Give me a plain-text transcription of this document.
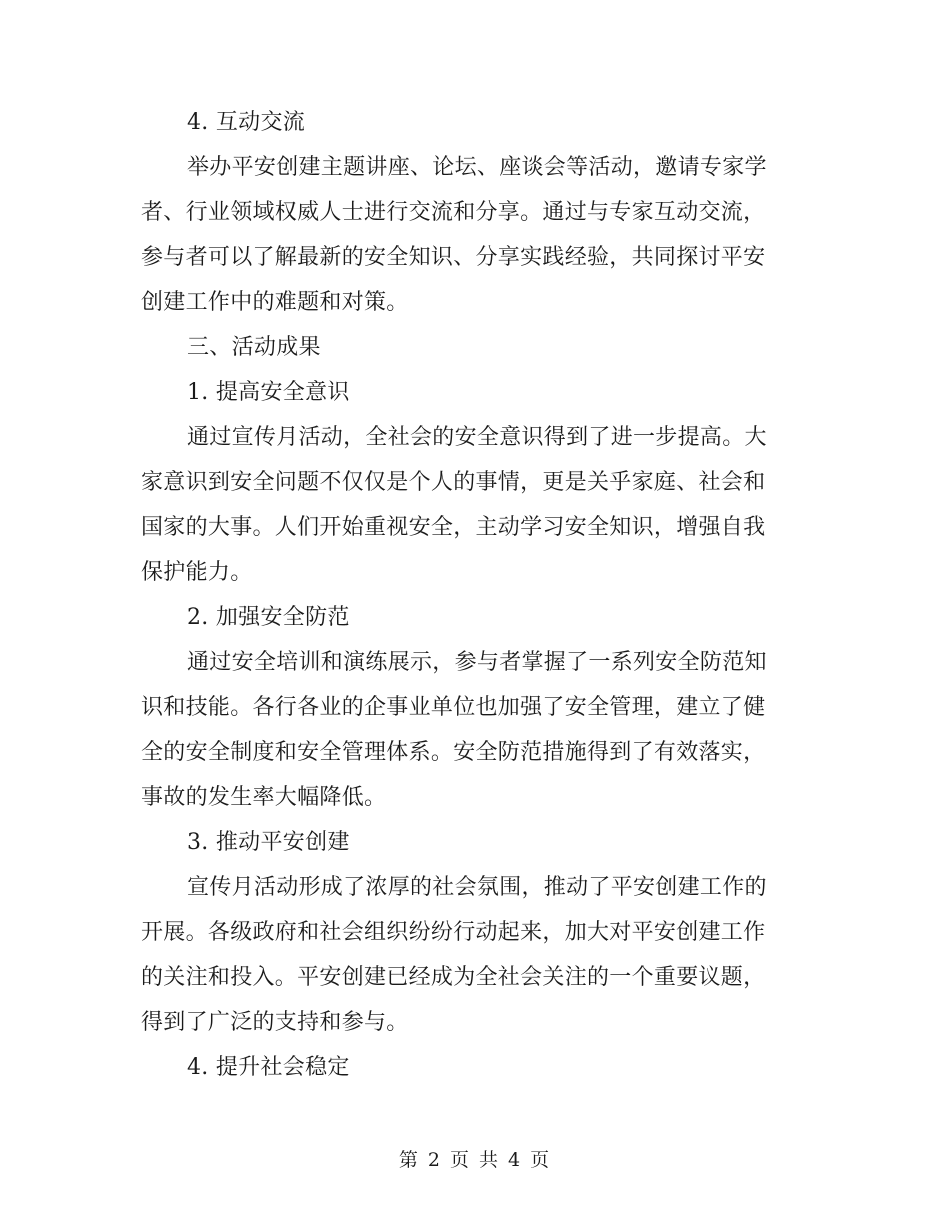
4. 互动交流
举办平安创建主题讲座、论坛、座谈会等活动，邀请专家学
者、行业领域权威人士进行交流和分享。通过与专家互动交流，
参与者可以了解最新的安全知识、分享实践经验，共同探讨平安
创建工作中的难题和对策。
三、活动成果
1. 提高安全意识
通过宣传月活动，全社会的安全意识得到了进一步提高。大
家意识到安全问题不仅仅是个人的事情，更是关乎家庭、社会和
国家的大事。人们开始重视安全，主动学习安全知识，增强自我
保护能力。
2. 加强安全防范
通过安全培训和演练展示，参与者掌握了一系列安全防范知
识和技能。各行各业的企事业单位也加强了安全管理，建立了健
全的安全制度和安全管理体系。安全防范措施得到了有效落实，
事故的发生率大幅降低。
3. 推动平安创建
宣传月活动形成了浓厚的社会氛围，推动了平安创建工作的
开展。各级政府和社会组织纷纷行动起来，加大对平安创建工作
的关注和投入。平安创建已经成为全社会关注的一个重要议题，
得到了广泛的支持和参与。
4. 提升社会稳定
第 2 页 共 4 页
